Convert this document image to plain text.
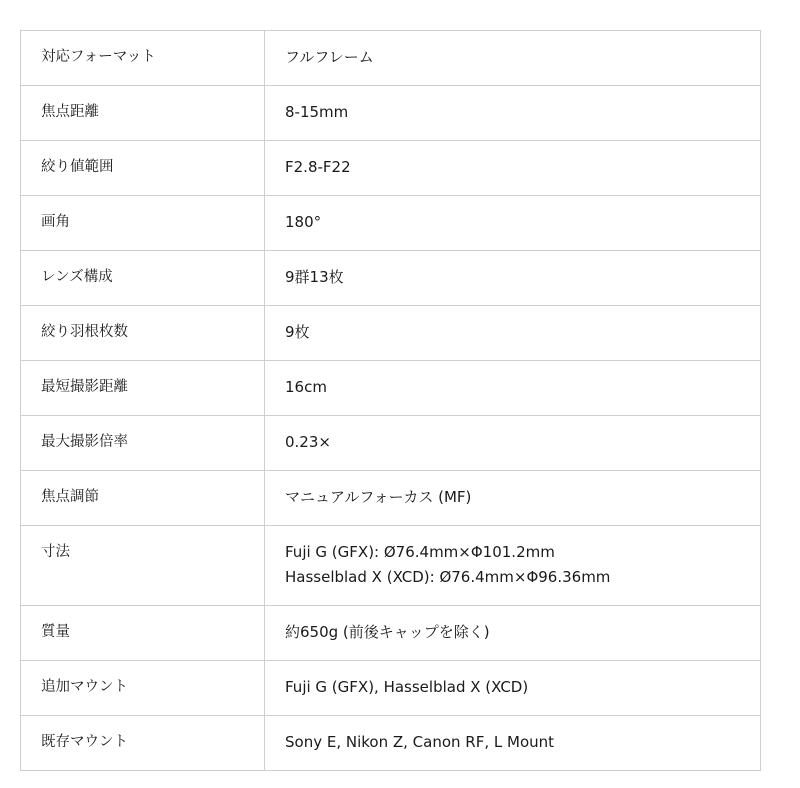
対応フォーマット	フルフレーム

焦点距離	8-15mm

絞り値範囲	F2.8-F22

画角	180°

レンズ構成	9群13枚

絞り羽根枚数	9枚

最短撮影距離	16cm

最大撮影倍率	0.23×

焦点調節	マニュアルフォーカス (MF)

寸法	Fuji G (GFX): Ø76.4mm×Φ101.2mm
Hasselblad X (XCD): Ø76.4mm×Φ96.36mm

質量	約650g (前後キャップを除く)

追加マウント	Fuji G (GFX), Hasselblad X (XCD)

既存マウント	Sony E, Nikon Z, Canon RF, L Mount
